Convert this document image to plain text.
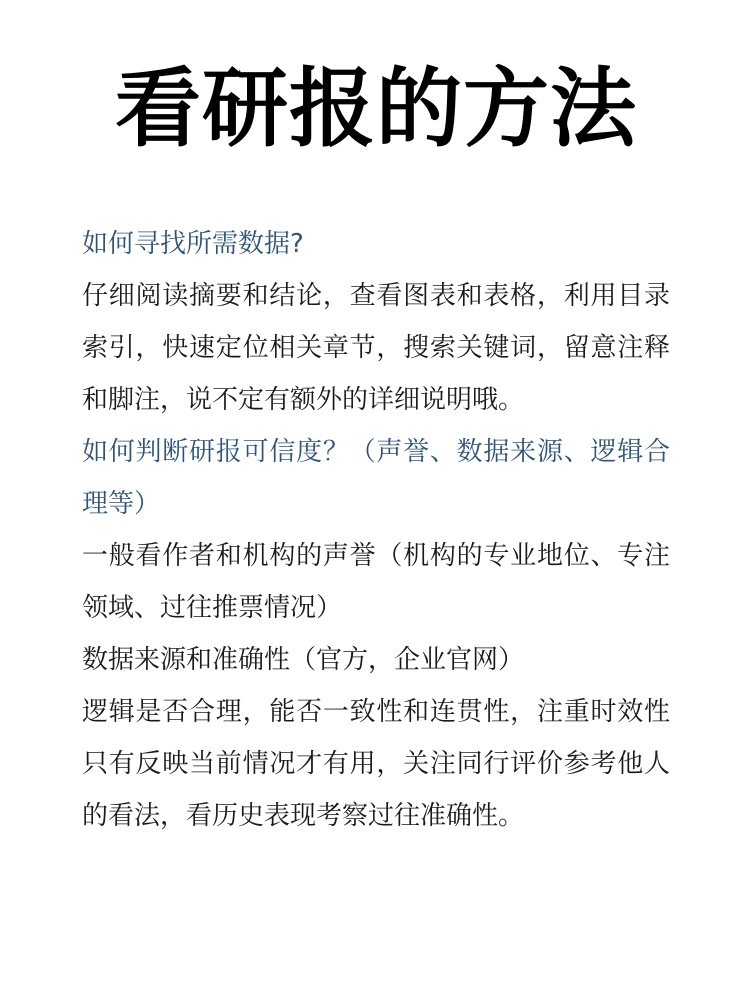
看研报的方法

如何寻找所需数据?

仔细阅读摘要和结论，查看图表和表格，利用目录索引，快速定位相关章节，搜索关键词，留意注释和脚注，说不定有额外的详细说明哦。

如何判断研报可信度？（声誉、数据来源、逻辑合理等）

一般看作者和机构的声誉（机构的专业地位、专注领域、过往推票情况）

数据来源和准确性（官方，企业官网）

逻辑是否合理，能否一致性和连贯性，注重时效性只有反映当前情况才有用，关注同行评价参考他人的看法，看历史表现考察过往准确性。
